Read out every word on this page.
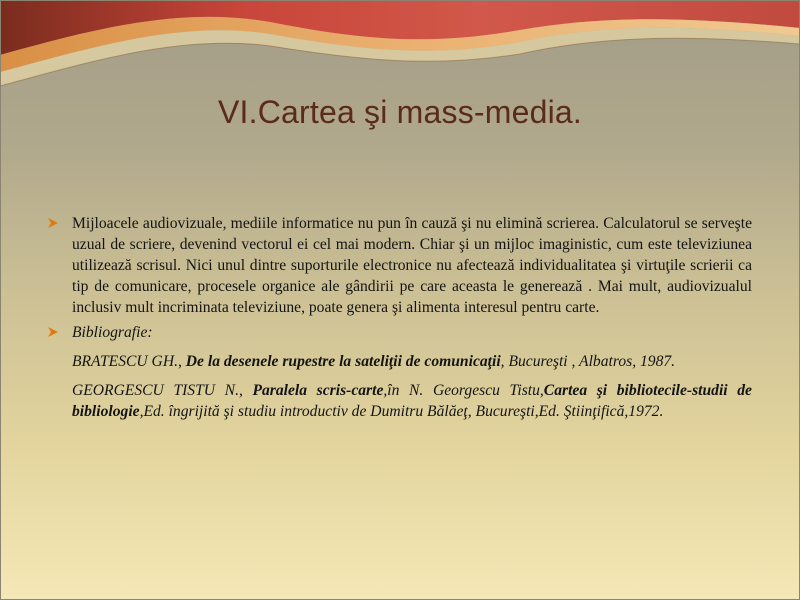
VI.Cartea şi mass-media.

Mijloacele audiovizuale, mediile informatice nu pun în cauză şi nu elimină scrierea. Calculatorul se serveşte uzual de scriere, devenind vectorul ei cel mai modern. Chiar şi un mijloc imaginistic, cum este televiziunea utilizează scrisul. Nici unul dintre suporturile electronice nu afectează individualitatea şi virtuţile scrierii ca tip de comunicare, procesele organice ale gândirii pe care aceasta le generează . Mai mult, audiovizualul inclusiv mult incriminata televiziune, poate genera şi alimenta interesul pentru carte.

Bibliografie:

BRATESCU GH., De la desenele rupestre la sateliţii de comunicaţii, Bucureşti , Albatros, 1987.
GEORGESCU TISTU N., Paralela scris-carte,în N. Georgescu Tistu,Cartea şi bibliotecile-studii de bibliologie,Ed. îngrijită şi studiu introductiv de Dumitru Bălăeţ, Bucureşti,Ed. Ştiinţifică,1972.
